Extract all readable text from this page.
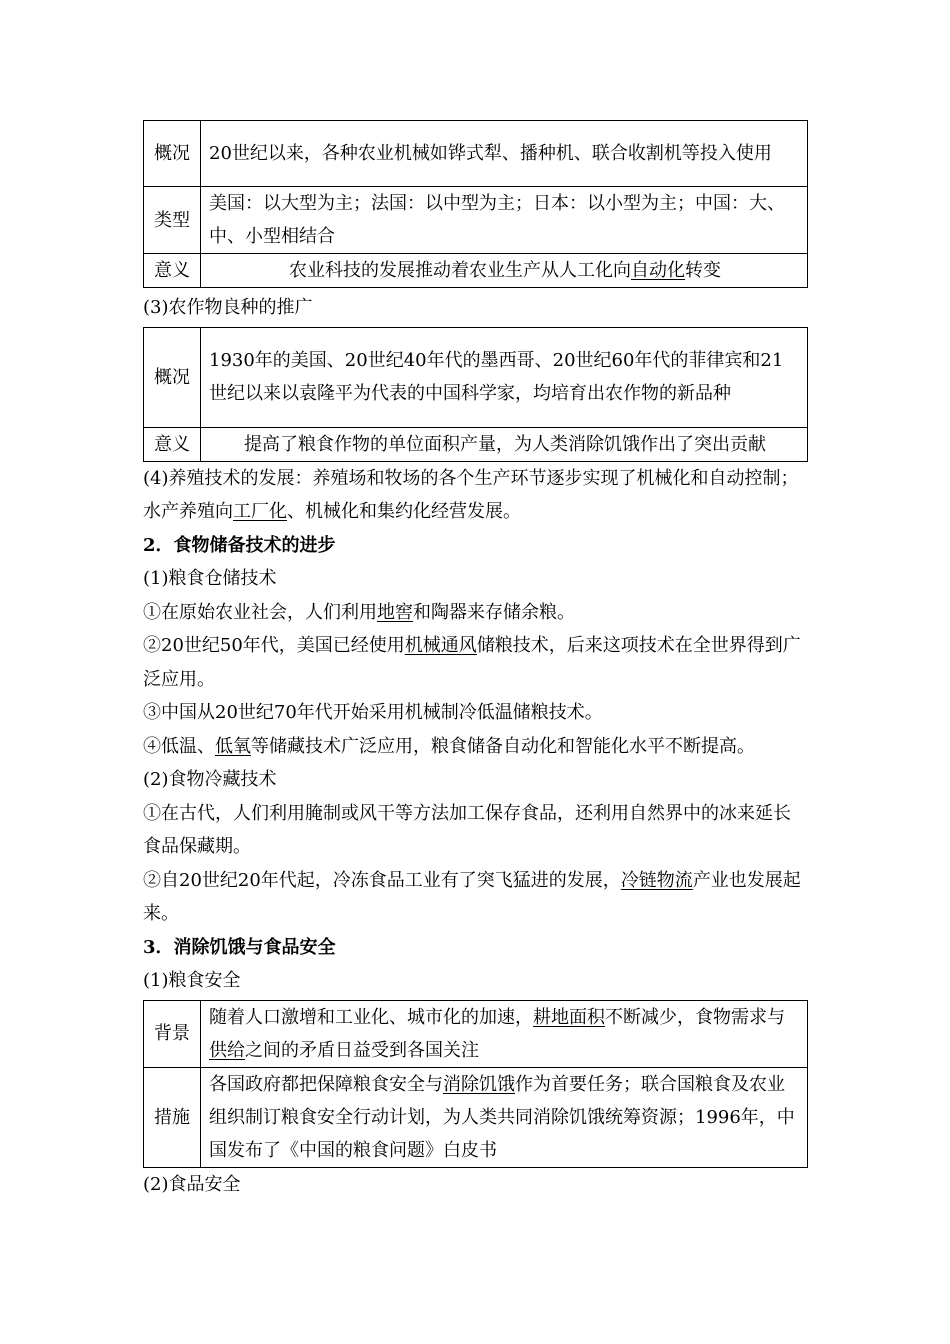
概况	20世纪以来，各种农业机械如铧式犁、播种机、联合收割机等投入使用
类型	美国：以大型为主；法国：以中型为主；日本：以小型为主；中国：大、中、小型相结合
意义	农业科技的发展推动着农业生产从人工化向自动化转变

(3)农作物良种的推广

概况	1930年的美国、20世纪40年代的墨西哥、20世纪60年代的菲律宾和21世纪以来以袁隆平为代表的中国科学家，均培育出农作物的新品种
意义	提高了粮食作物的单位面积产量，为人类消除饥饿作出了突出贡献

(4)养殖技术的发展：养殖场和牧场的各个生产环节逐步实现了机械化和自动控制；水产养殖向工厂化、机械化和集约化经营发展。

2．食物储备技术的进步

(1)粮食仓储技术

①在原始农业社会，人们利用地窖和陶器来存储余粮。

②20世纪50年代，美国已经使用机械通风储粮技术，后来这项技术在全世界得到广泛应用。

③中国从20世纪70年代开始采用机械制冷低温储粮技术。

④低温、低氧等储藏技术广泛应用，粮食储备自动化和智能化水平不断提高。

(2)食物冷藏技术

①在古代，人们利用腌制或风干等方法加工保存食品，还利用自然界中的冰来延长食品保藏期。

②自20世纪20年代起，冷冻食品工业有了突飞猛进的发展，冷链物流产业也发展起来。

3．消除饥饿与食品安全

(1)粮食安全

背景	随着人口激增和工业化、城市化的加速，耕地面积不断减少，食物需求与供给之间的矛盾日益受到各国关注
措施	各国政府都把保障粮食安全与消除饥饿作为首要任务；联合国粮食及农业组织制订粮食安全行动计划，为人类共同消除饥饿统筹资源；1996年，中国发布了《中国的粮食问题》白皮书

(2)食品安全
